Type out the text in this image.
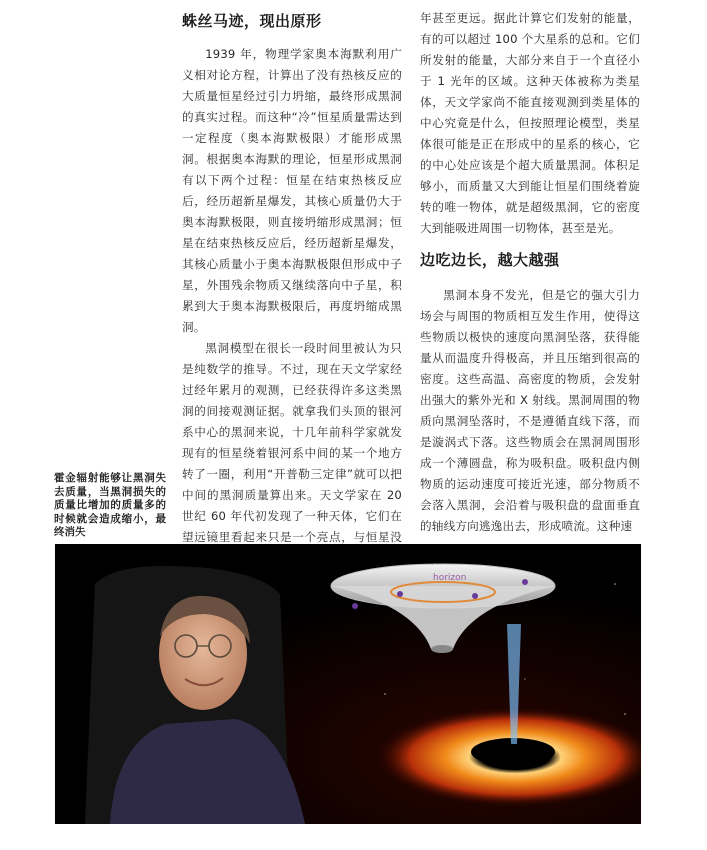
蛛丝马迹，现出原形

1939 年，物理学家奥本海默利用广义相对论方程，计算出了没有热核反应的大质量恒星经过引力坍缩，最终形成黑洞的真实过程。而这种“冷”恒星质量需达到一定程度（奥本海默极限）才能形成黑洞。根据奥本海默的理论，恒星形成黑洞有以下两个过程：恒星在结束热核反应后，经历超新星爆发，其核心质量仍大于奥本海默极限，则直接坍缩形成黑洞；恒星在结束热核反应后，经历超新星爆发，其核心质量小于奥本海默极限但形成中子星，外围残余物质又继续落向中子星，积累到大于奥本海默极限后，再度坍缩成黑洞。

黑洞模型在很长一段时间里被认为只是纯数学的推导。不过，现在天文学家经过经年累月的观测，已经获得许多这类黑洞的间接观测证据。就拿我们头顶的银河系中心的黑洞来说，十几年前科学家就发现有的恒星绕着银河系中间的某一个地方转了一圈，利用“开普勒三定律”就可以把中间的黑洞质量算出来。天文学家在 20 世纪 60 年代初发现了一种天体，它们在望远镜里看起来只是一个亮点，与恒星没

年甚至更远。据此计算它们发射的能量，有的可以超过 100 个大星系的总和。它们所发射的能量，大部分来自于一个直径小于 1 光年的区域。这种天体被称为类星体，天文学家尚不能直接观测到类星体的中心究竟是什么，但按照理论模型，类星体很可能是正在形成中的星系的核心，它的中心处应该是个超大质量黑洞。体积足够小，而质量又大到能让恒星们围绕着旋转的唯一物体，就是超级黑洞，它的密度大到能吸进周围一切物体，甚至是光。

边吃边长，越大越强

黑洞本身不发光，但是它的强大引力场会与周围的物质相互发生作用，使得这些物质以极快的速度向黑洞坠落，获得能量从而温度升得极高，并且压缩到很高的密度。这些高温、高密度的物质，会发射出强大的紫外光和 X 射线。黑洞周围的物质向黑洞坠落时，不是遵循直线下落，而是漩涡式下落。这些物质会在黑洞周围形成一个薄圆盘，称为吸积盘。吸积盘内侧物质的运动速度可接近光速，部分物质不会落入黑洞，会沿着与吸积盘的盘面垂直的轴线方向逃逸出去，形成喷流。这种速

霍金辐射能够让黑洞失去质量，当黑洞损失的质量比增加的质量多的时候就会造成缩小，最终消失
horizon
